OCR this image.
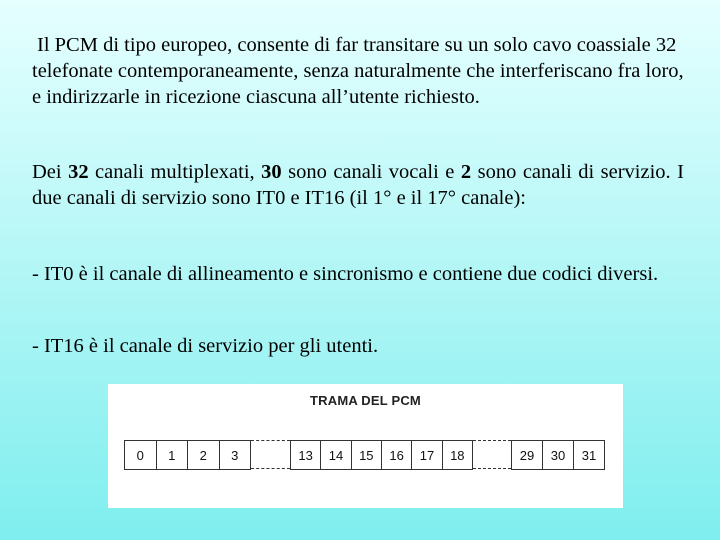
Il PCM di tipo europeo, consente di far transitare su un solo cavo coassiale 32 telefonate contemporaneamente, senza naturalmente che interferiscano fra loro, e indirizzarle in ricezione ciascuna all’utente richiesto.

Dei 32 canali multiplexati, 30 sono canali vocali e 2 sono canali di servizio. I due canali di servizio sono IT0 e IT16 (il 1° e il 17° canale):

- IT0 è il canale di allineamento e sincronismo e contiene due codici diversi.

- IT16 è il canale di servizio per gli utenti.

TRAMA DEL PCM
0	1	2	3	13	14	15	16	17	18	29	30	31
